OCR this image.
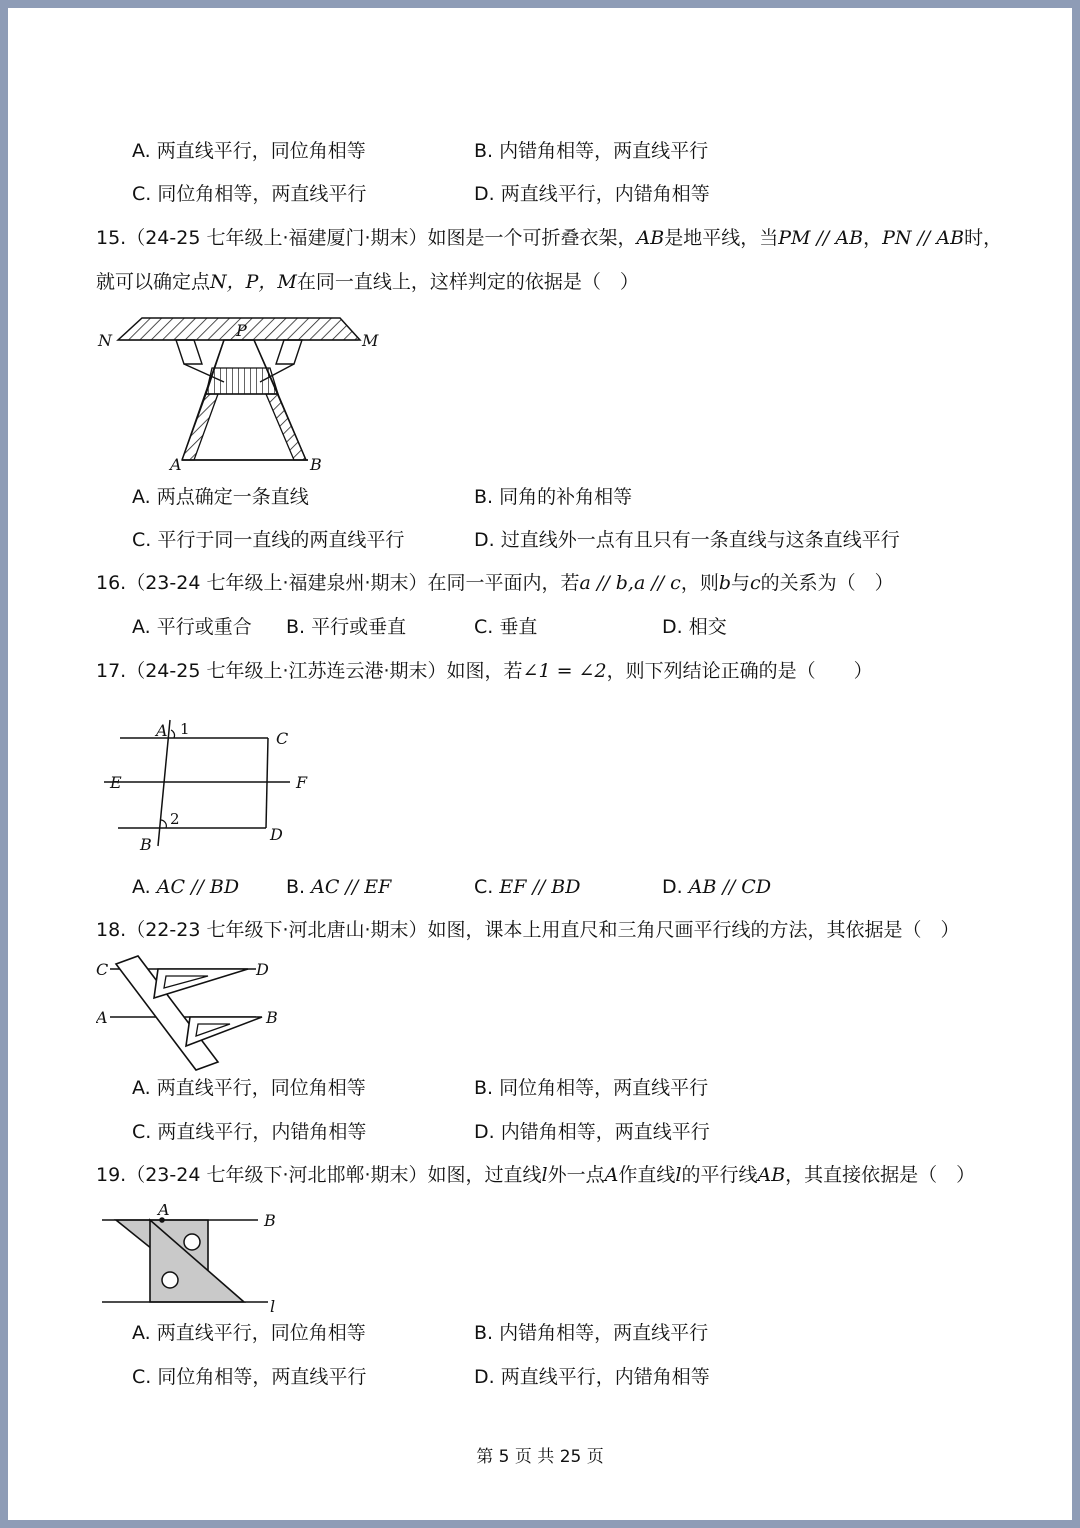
A. 两直线平行，同位角相等	B. 内错角相等，两直线平行
C. 同位角相等，两直线平行	D. 两直线平行，内错角相等
15.（24-25 七年级上·福建厦门·期末）如图是一个可折叠衣架，AB是地平线，当PM // AB，PN // AB时，
就可以确定点N，P，M在同一直线上，这样判定的依据是（　）
N	M
P
A	B
A. 两点确定一条直线	B. 同角的补角相等
C. 平行于同一直线的两直线平行	D. 过直线外一点有且只有一条直线与这条直线平行
16.（23-24 七年级上·福建泉州·期末）在同一平面内，若a // b,a // c，则b与c的关系为（　）
A. 平行或重合 B. 平行或垂直	C. 垂直	D. 相交
17.（24-25 七年级上·江苏连云港·期末）如图，若∠1 = ∠2，则下列结论正确的是（　　）
A 1	C
E	F
2
B
D
A. AC // BD B. AC // EF	C. EF // BD	D. AB // CD
18.（22-23 七年级下·河北唐山·期末）如图，课本上用直尺和三角尺画平行线的方法，其依据是（　）
C	D
A	B
A. 两直线平行，同位角相等	B. 同位角相等，两直线平行
C. 两直线平行，内错角相等	D. 内错角相等，两直线平行
19.（23-24 七年级下·河北邯郸·期末）如图，过直线l外一点A作直线l的平行线AB，其直接依据是（　）
A
B
l
A. 两直线平行，同位角相等	B. 内错角相等，两直线平行
C. 同位角相等，两直线平行	D. 两直线平行，内错角相等
第 5 页 共 25 页
